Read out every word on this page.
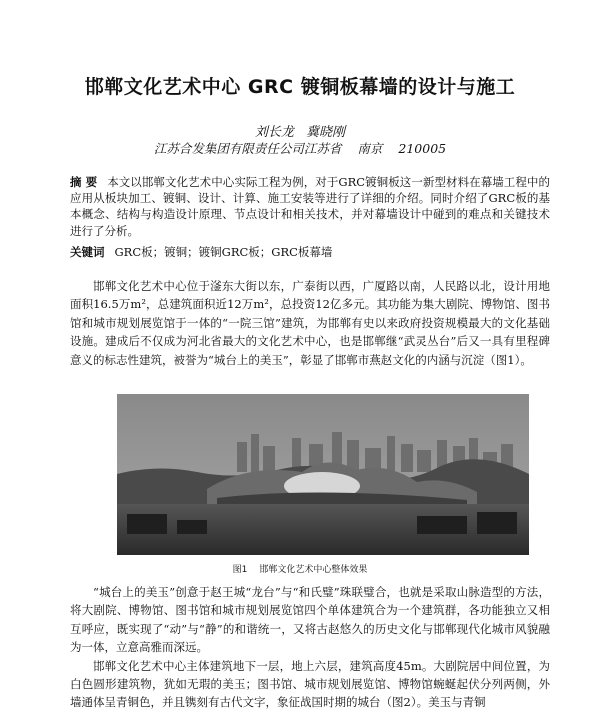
邯郸文化艺术中心 GRC 镀铜板幕墙的设计与施工
刘长龙 冀晓刚
江苏合发集团有限责任公司江苏省 南京 210005
摘 要 本文以邯郸文化艺术中心实际工程为例，对于GRC镀铜板这一新型材料在幕墙工程中的应用从板块加工、镀铜、设计、计算、施工安装等进行了详细的介绍。同时介绍了GRC板的基本概念、结构与构造设计原理、节点设计和相关技术，并对幕墙设计中碰到的难点和关键技术进行了分析。
关键词 GRC板；镀铜；镀铜GRC板；GRC板幕墙
邯郸文化艺术中心位于滏东大街以东，广泰街以西，广厦路以南，人民路以北，设计用地面积16.5万m²，总建筑面积近12万m²，总投资12亿多元。其功能为集大剧院、博物馆、图书馆和城市规划展览馆于一体的“一院三馆”建筑，为邯郸有史以来政府投资规模最大的文化基础设施。建成后不仅成为河北省最大的文化艺术中心，也是邯郸继“武灵丛台”后又一具有里程碑意义的标志性建筑，被誉为“城台上的美玉”，彰显了邯郸市燕赵文化的内涵与沉淀（图1）。
图1 邯郸文化艺术中心整体效果

“城台上的美玉”创意于赵王城“龙台”与“和氏璧”珠联璧合，也就是采取山脉造型的方法，将大剧院、博物馆、图书馆和城市规划展览馆四个单体建筑合为一个建筑群，各功能独立又相互呼应，既实现了“动”与“静”的和谐统一，又将古赵悠久的历史文化与邯郸现代化城市风貌融为一体，立意高雅而深远。

邯郸文化艺术中心主体建筑地下一层，地上六层，建筑高度45m。大剧院居中间位置，为白色圆形建筑物，犹如无瑕的美玉；图书馆、城市规划展览馆、博物馆蜿蜒起伏分列两侧，外墙通体呈青铜色，并且镌刻有古代文字，象征战国时期的城台（图2）。美玉与青铜
